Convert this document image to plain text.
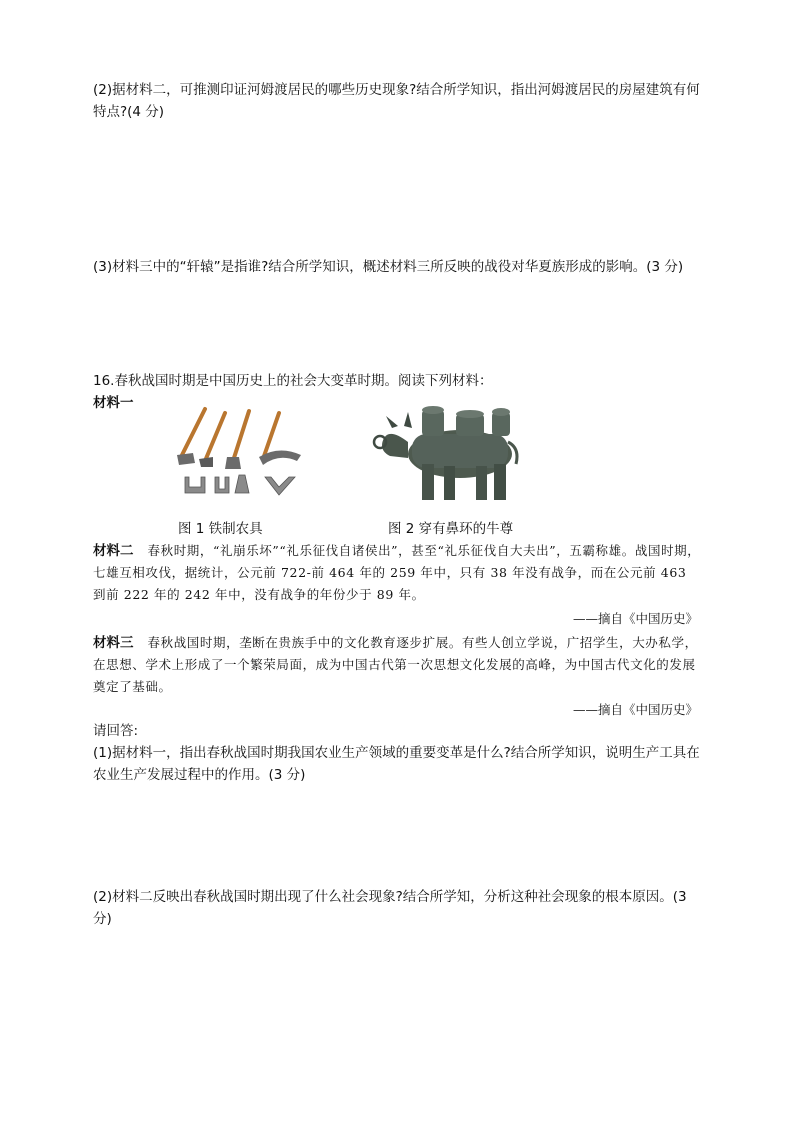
(2)据材料二，可推测印证河姆渡居民的哪些历史现象?结合所学知识，指出河姆渡居民的房屋建筑有何特点?(4 分)

(3)材料三中的“轩辕”是指谁?结合所学知识，概述材料三所反映的战役对华夏族形成的影响。(3 分)

16.春秋战国时期是中国历史上的社会大变革时期。阅读下列材料：

材料一

图 1 铁制农具	图 2 穿有鼻环的牛尊
材料二 春秋时期，“礼崩乐坏”“礼乐征伐自诸侯出”，甚至“礼乐征伐自大夫出”，五霸称雄。战国时期，七雄互相攻伐，据统计，公元前 722-前 464 年的 259 年中，只有 38 年没有战争，而在公元前 463 到前 222 年的 242 年中，没有战争的年份少于 89 年。
——摘自《中国历史》
材料三 春秋战国时期，垄断在贵族手中的文化教育逐步扩展。有些人创立学说，广招学生，大办私学，在思想、学术上形成了一个繁荣局面，成为中国古代第一次思想文化发展的高峰，为中国古代文化的发展奠定了基础。
——摘自《中国历史》

请回答:

(1)据材料一，指出春秋战国时期我国农业生产领域的重要变革是什么?结合所学知识，说明生产工具在农业生产发展过程中的作用。(3 分)

(2)材料二反映出春秋战国时期出现了什么社会现象?结合所学知，分析这种社会现象的根本原因。(3 分)
